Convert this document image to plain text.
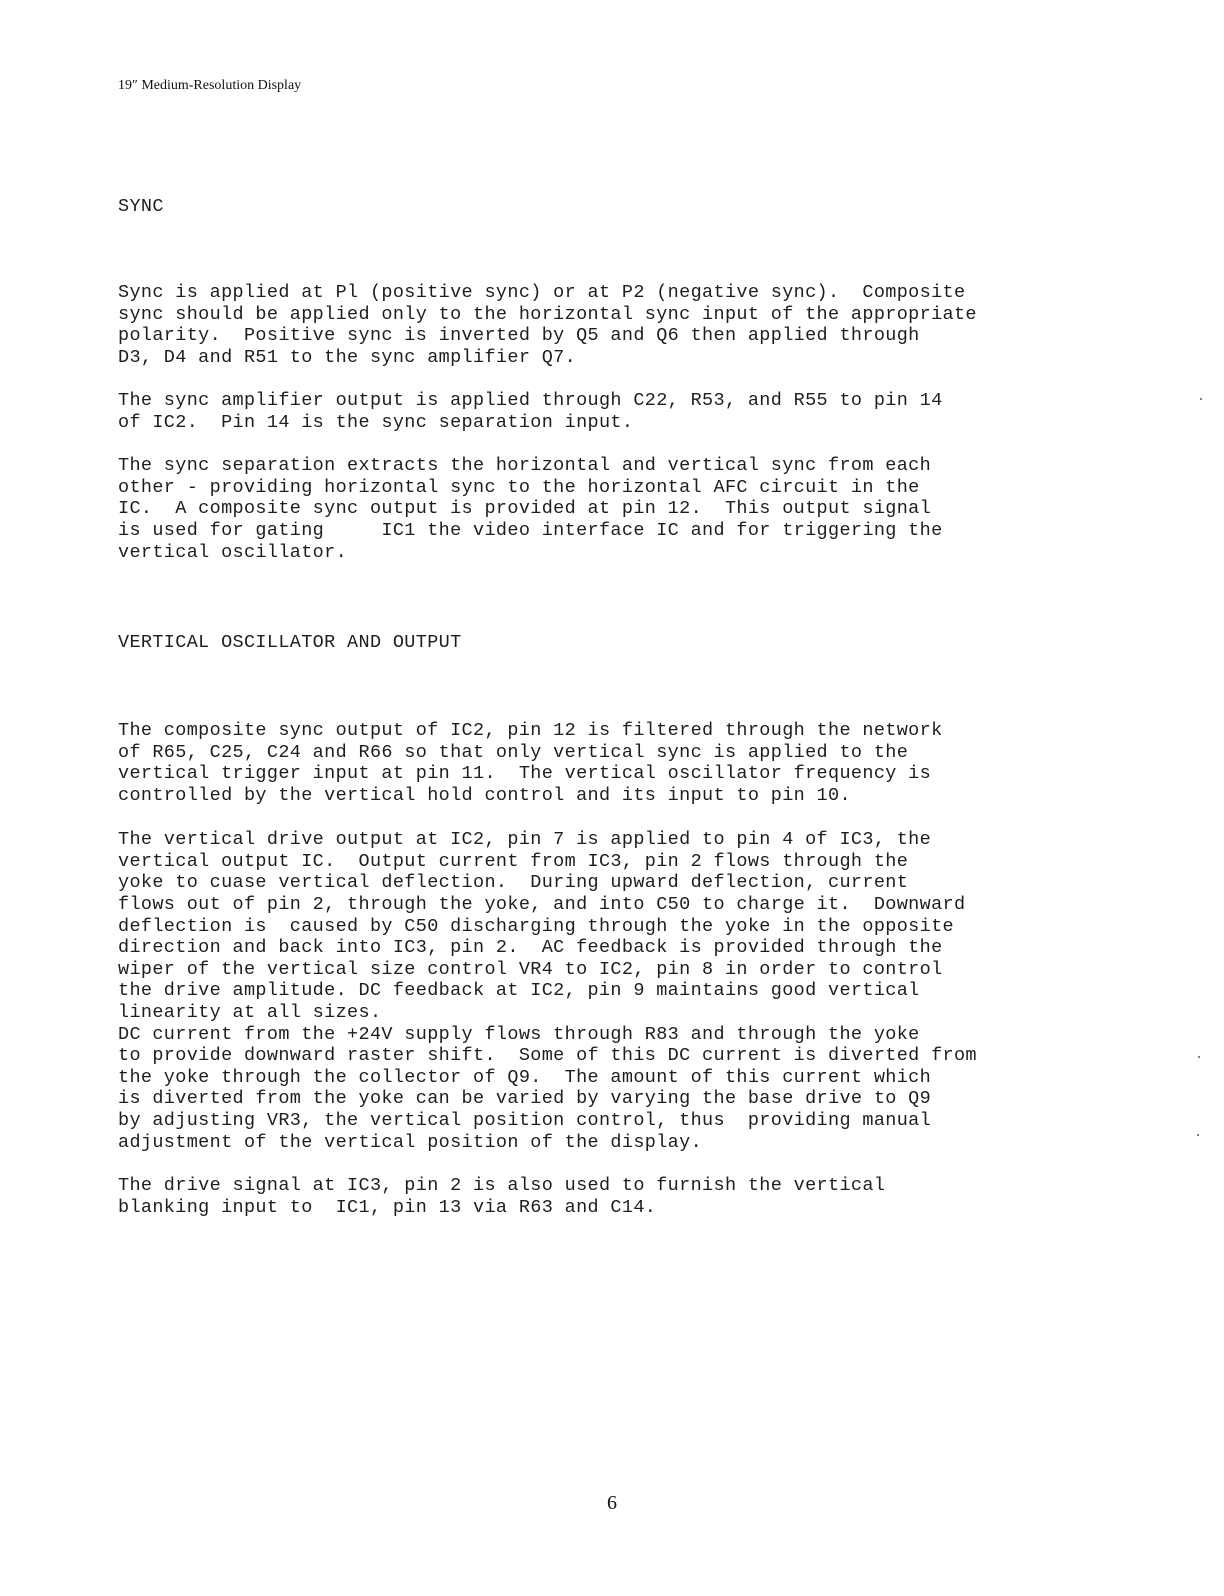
19″ Medium-Resolution Display
SYNC

Sync is applied at Pl (positive sync) or at P2 (negative sync).  Composite
sync should be applied only to the horizontal sync input of the appropriate
polarity.  Positive sync is inverted by Q5 and Q6 then applied through
D3, D4 and R51 to the sync amplifier Q7.

The sync amplifier output is applied through C22, R53, and R55 to pin 14
of IC2.  Pin 14 is the sync separation input.

The sync separation extracts the horizontal and vertical sync from each
other - providing horizontal sync to the horizontal AFC circuit in the
IC.  A composite sync output is provided at pin 12.  This output signal
is used for gating     IC1 the video interface IC and for triggering the
vertical oscillator.

VERTICAL OSCILLATOR AND OUTPUT

The composite sync output of IC2, pin 12 is filtered through the network
of R65, C25, C24 and R66 so that only vertical sync is applied to the
vertical trigger input at pin 11.  The vertical oscillator frequency is
controlled by the vertical hold control and its input to pin 10.

The vertical drive output at IC2, pin 7 is applied to pin 4 of IC3, the
vertical output IC.  Output current from IC3, pin 2 flows through the
yoke to cuase vertical deflection.  During upward deflection, current
flows out of pin 2, through the yoke, and into C50 to charge it.  Downward
deflection is  caused by C50 discharging through the yoke in the opposite
direction and back into IC3, pin 2.  AC feedback is provided through the
wiper of the vertical size control VR4 to IC2, pin 8 in order to control
the drive amplitude. DC feedback at IC2, pin 9 maintains good vertical
linearity at all sizes.
DC current from the +24V supply flows through R83 and through the yoke
to provide downward raster shift.  Some of this DC current is diverted from
the yoke through the collector of Q9.  The amount of this current which
is diverted from the yoke can be varied by varying the base drive to Q9
by adjusting VR3, the vertical position control, thus  providing manual
adjustment of the vertical position of the display.

The drive signal at IC3, pin 2 is also used to furnish the vertical
blanking input to  IC1, pin 13 via R63 and C14.

6
